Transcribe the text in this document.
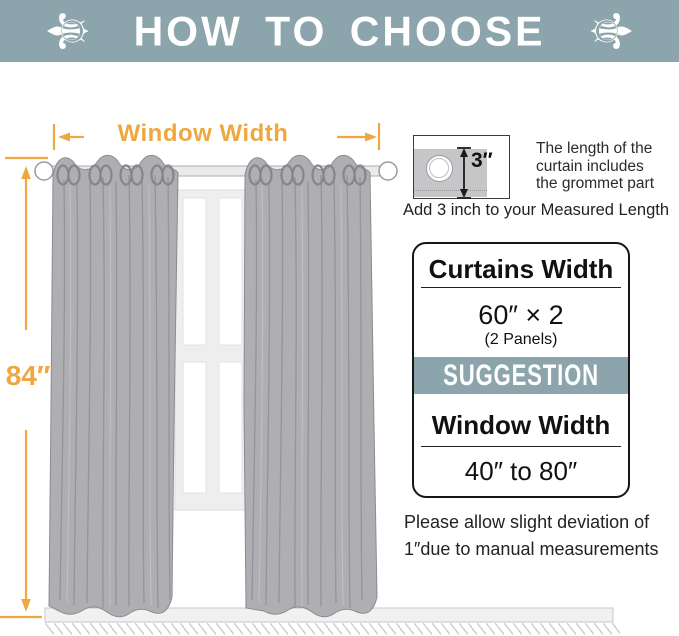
⚜ HOW TO CHOOSE ⚜
Window Width
84″
3″
The length of the
curtain includes
the grommet part
Add 3 inch to your Measured Length
Curtains Width
60″ × 2
(2 Panels)
SUGGESTION
Window Width
40″ to 80″
Please allow slight deviation of
1″due to manual measurements
